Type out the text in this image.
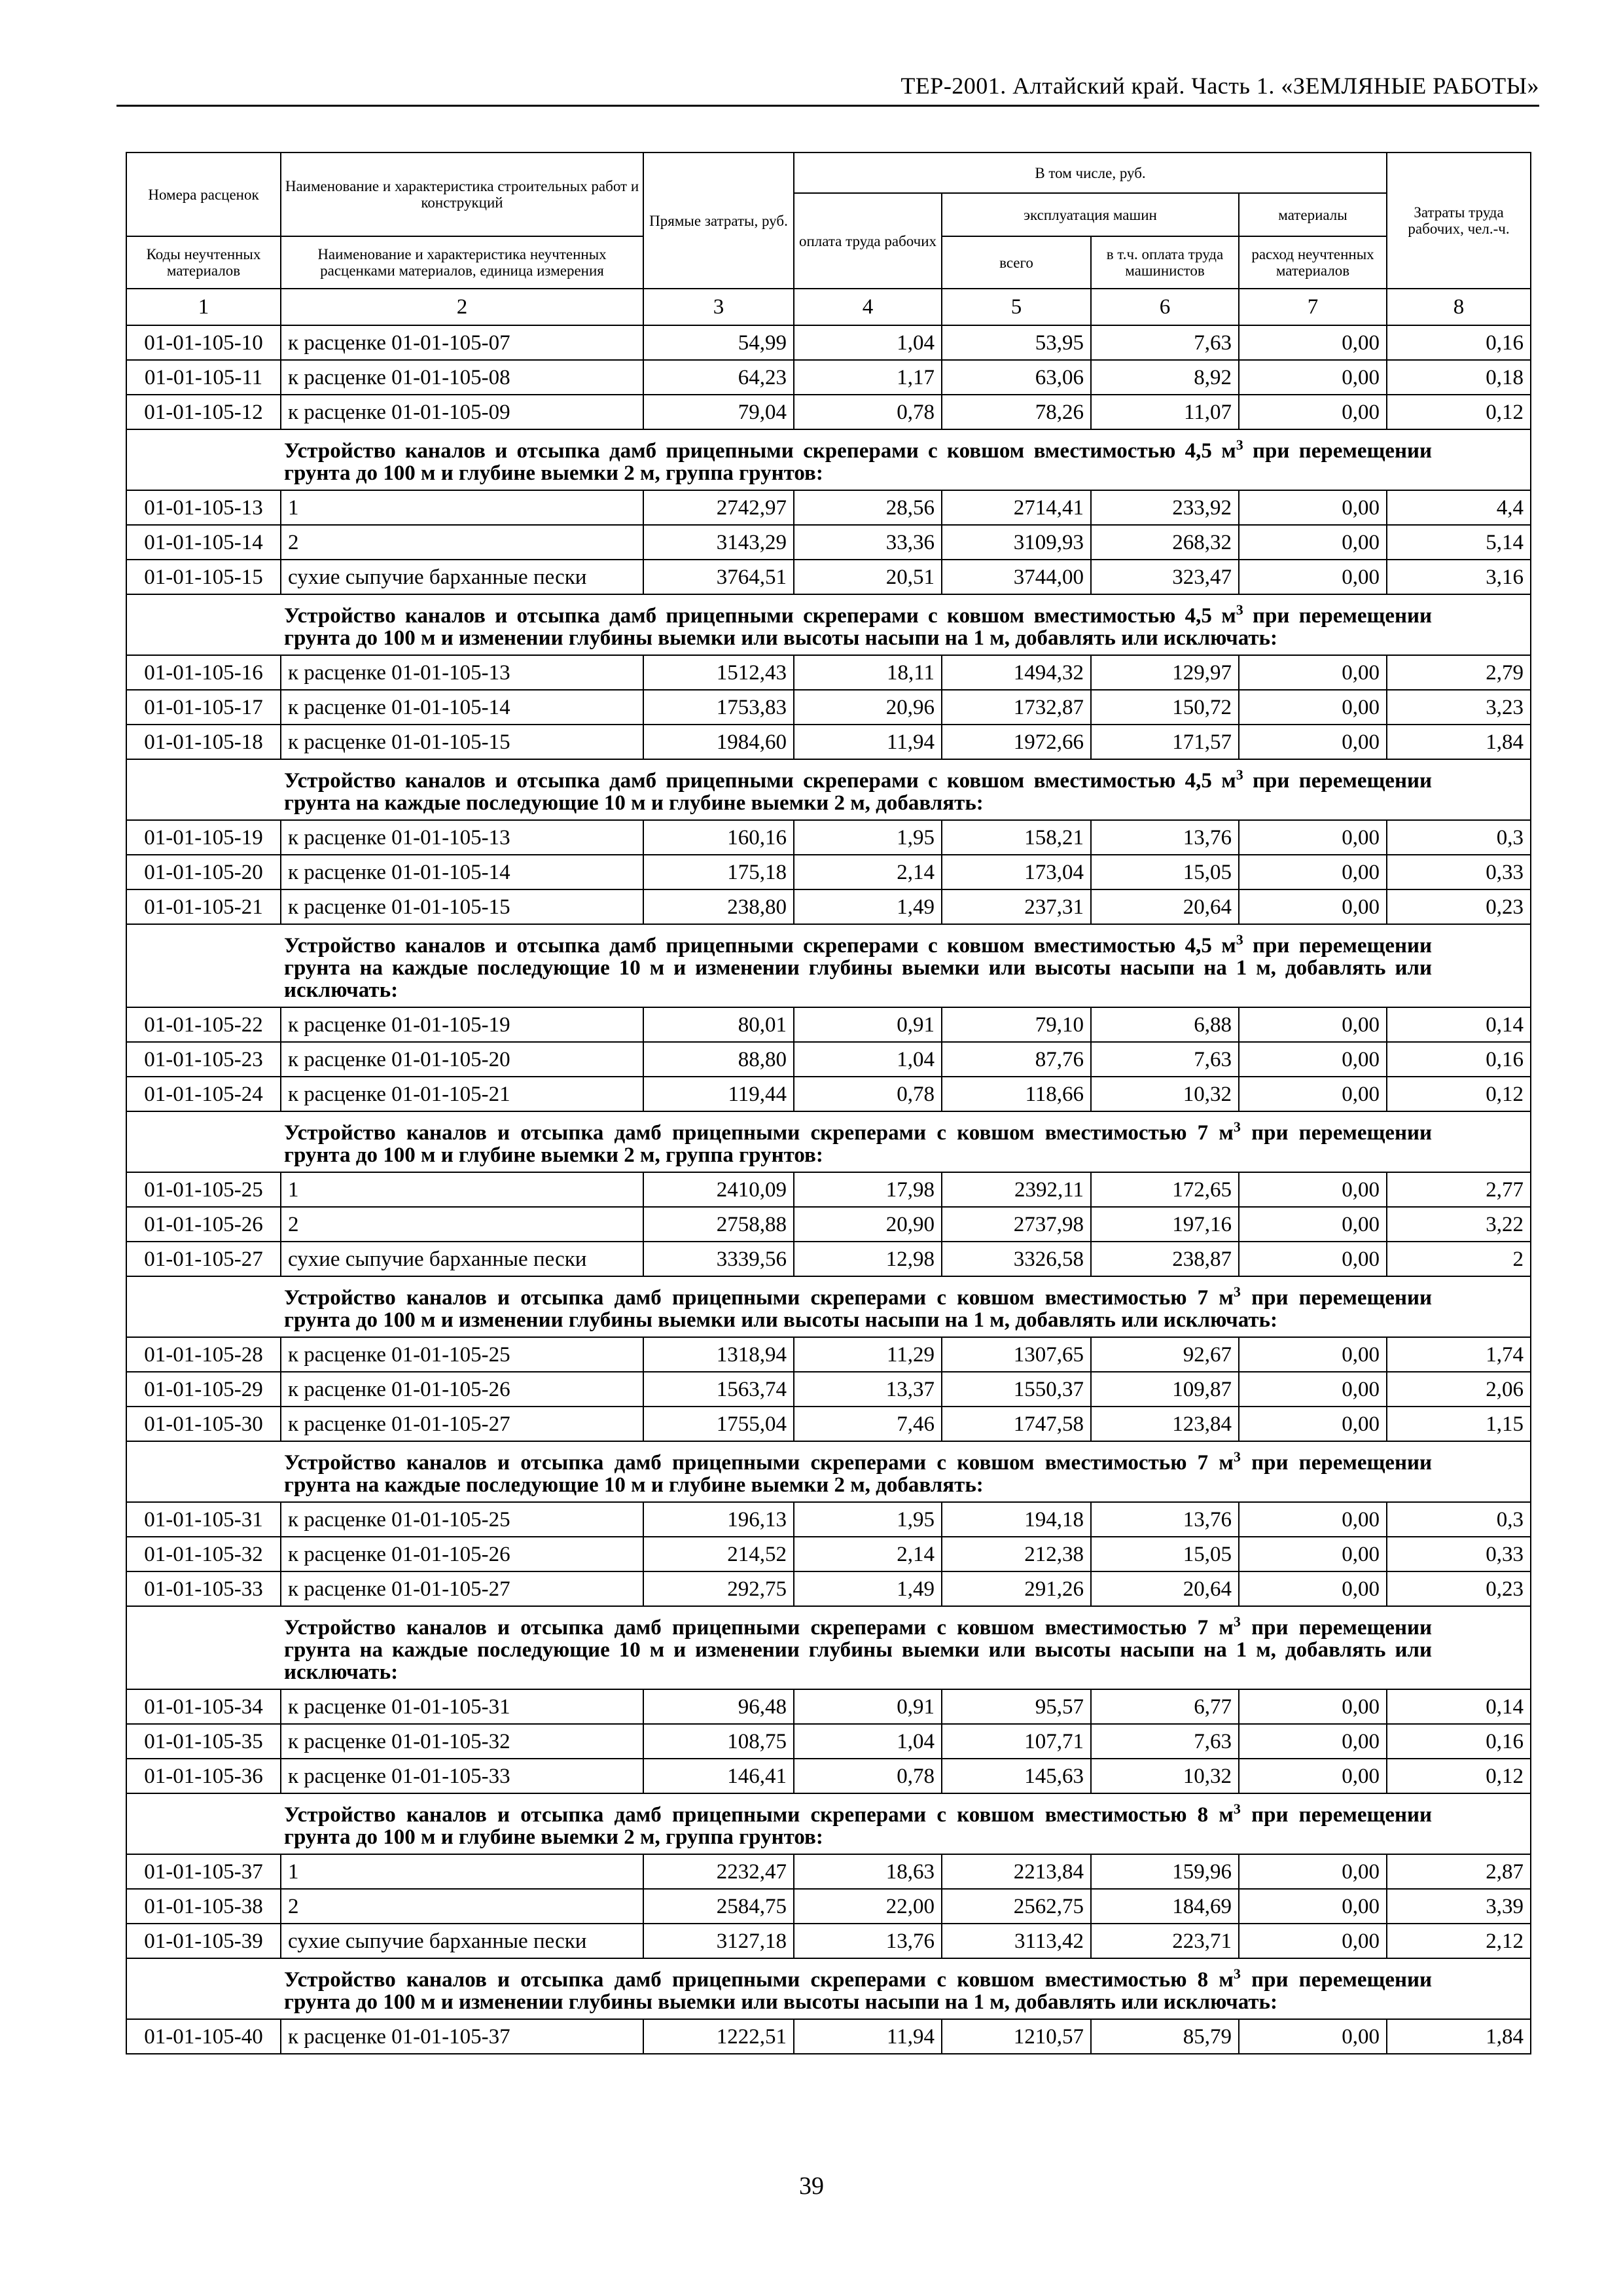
ТЕР-2001. Алтайский край. Часть 1. «ЗЕМЛЯНЫЕ РАБОТЫ»
Номера расценок	Наименование и характеристика строительных работ и конструкций	Прямые затраты, руб.	В том числе, руб.				Затраты труда рабочих, чел.-ч.
			оплата труда рабочих	эксплуатация машин		материалы	
Коды неучтенных материалов	Наименование и характеристика неучтенных расценками материалов, единица измерения			всего	в т.ч. оплата труда машинистов	расход неучтенных материалов	
1	2	3	4	5	6	7	8
01-01-105-10	к расценке 01-01-105-07	54,99	1,04	53,95	7,63	0,00	0,16
01-01-105-11	к расценке 01-01-105-08	64,23	1,17	63,06	8,92	0,00	0,18
01-01-105-12	к расценке 01-01-105-09	79,04	0,78	78,26	11,07	0,00	0,12
Устройство каналов и отсыпка дамб прицепными скреперами с ковшом вместимостью 4,5 $м^3$ при перемещении грунта до 100 м и глубине выемки 2 м, группа грунтов:							
01-01-105-13	1	2742,97	28,56	2714,41	233,92	0,00	4,4
01-01-105-14	2	3143,29	33,36	3109,93	268,32	0,00	5,14
01-01-105-15	сухие сыпучие барханные пески	3764,51	20,51	3744,00	323,47	0,00	3,16
Устройство каналов и отсыпка дамб прицепными скреперами с ковшом вместимостью 4,5 $м^3$ при перемещении грунта до 100 м и изменении глубины выемки или высоты насыпи на 1 м, добавлять или исключать:							
01-01-105-16	к расценке 01-01-105-13	1512,43	18,11	1494,32	129,97	0,00	2,79
01-01-105-17	к расценке 01-01-105-14	1753,83	20,96	1732,87	150,72	0,00	3,23
01-01-105-18	к расценке 01-01-105-15	1984,60	11,94	1972,66	171,57	0,00	1,84
Устройство каналов и отсыпка дамб прицепными скреперами с ковшом вместимостью 4,5 $м^3$ при перемещении грунта на каждые последующие 10 м и глубине выемки 2 м, добавлять:							
01-01-105-19	к расценке 01-01-105-13	160,16	1,95	158,21	13,76	0,00	0,3
01-01-105-20	к расценке 01-01-105-14	175,18	2,14	173,04	15,05	0,00	0,33
01-01-105-21	к расценке 01-01-105-15	238,80	1,49	237,31	20,64	0,00	0,23
Устройство каналов и отсыпка дамб прицепными скреперами с ковшом вместимостью 4,5 $м^3$ при перемещении грунта на каждые последующие 10 м и изменении глубины выемки или высоты насыпи на 1 м, добавлять или исключать:							
01-01-105-22	к расценке 01-01-105-19	80,01	0,91	79,10	6,88	0,00	0,14
01-01-105-23	к расценке 01-01-105-20	88,80	1,04	87,76	7,63	0,00	0,16
01-01-105-24	к расценке 01-01-105-21	119,44	0,78	118,66	10,32	0,00	0,12
Устройство каналов и отсыпка дамб прицепными скреперами с ковшом вместимостью 7 $м^3$ при перемещении грунта до 100 м и глубине выемки 2 м, группа грунтов:							
01-01-105-25	1	2410,09	17,98	2392,11	172,65	0,00	2,77
01-01-105-26	2	2758,88	20,90	2737,98	197,16	0,00	3,22
01-01-105-27	сухие сыпучие барханные пески	3339,56	12,98	3326,58	238,87	0,00	2
Устройство каналов и отсыпка дамб прицепными скреперами с ковшом вместимостью 7 $м^3$ при перемещении грунта до 100 м и изменении глубины выемки или высоты насыпи на 1 м, добавлять или исключать:							
01-01-105-28	к расценке 01-01-105-25	1318,94	11,29	1307,65	92,67	0,00	1,74
01-01-105-29	к расценке 01-01-105-26	1563,74	13,37	1550,37	109,87	0,00	2,06
01-01-105-30	к расценке 01-01-105-27	1755,04	7,46	1747,58	123,84	0,00	1,15
Устройство каналов и отсыпка дамб прицепными скреперами с ковшом вместимостью 7 $м^3$ при перемещении грунта на каждые последующие 10 м и глубине выемки 2 м, добавлять:							
01-01-105-31	к расценке 01-01-105-25	196,13	1,95	194,18	13,76	0,00	0,3
01-01-105-32	к расценке 01-01-105-26	214,52	2,14	212,38	15,05	0,00	0,33
01-01-105-33	к расценке 01-01-105-27	292,75	1,49	291,26	20,64	0,00	0,23
Устройство каналов и отсыпка дамб прицепными скреперами с ковшом вместимостью 7 $м^3$ при перемещении грунта на каждые последующие 10 м и изменении глубины выемки или высоты насыпи на 1 м, добавлять или исключать:							
01-01-105-34	к расценке 01-01-105-31	96,48	0,91	95,57	6,77	0,00	0,14
01-01-105-35	к расценке 01-01-105-32	108,75	1,04	107,71	7,63	0,00	0,16
01-01-105-36	к расценке 01-01-105-33	146,41	0,78	145,63	10,32	0,00	0,12
Устройство каналов и отсыпка дамб прицепными скреперами с ковшом вместимостью 8 $м^3$ при перемещении грунта до 100 м и глубине выемки 2 м, группа грунтов:							
01-01-105-37	1	2232,47	18,63	2213,84	159,96	0,00	2,87
01-01-105-38	2	2584,75	22,00	2562,75	184,69	0,00	3,39
01-01-105-39	сухие сыпучие барханные пески	3127,18	13,76	3113,42	223,71	0,00	2,12
Устройство каналов и отсыпка дамб прицепными скреперами с ковшом вместимостью 8 $м^3$ при перемещении грунта до 100 м и изменении глубины выемки или высоты насыпи на 1 м, добавлять или исключать:							
01-01-105-40	к расценке 01-01-105-37	1222,51	11,94	1210,57	85,79	0,00	1,84
39
